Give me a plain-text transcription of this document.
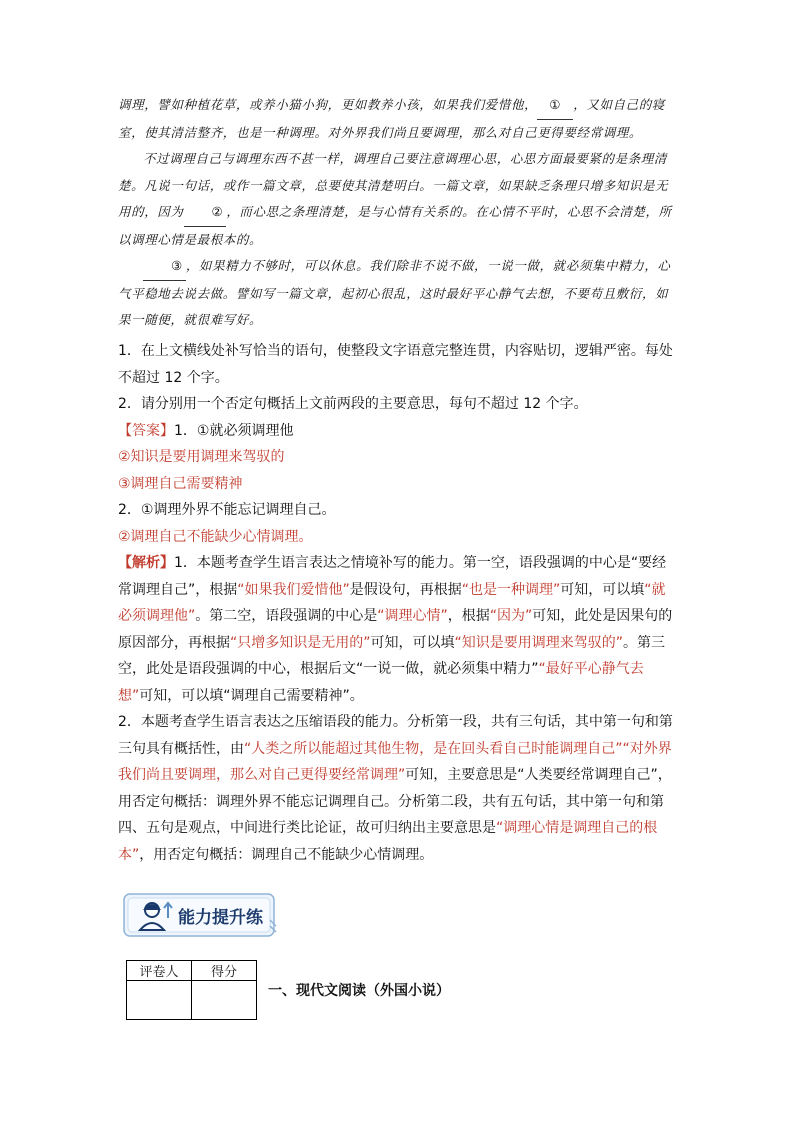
调理，譬如种植花草，或养小猫小狗，更如教养小孩，如果我们爱惜他， ① ，又如自己的寝室，使其清洁整齐，也是一种调理。对外界我们尚且要调理，那么对自己更得要经常调理。

不过调理自己与调理东西不甚一样，调理自己要注意调理心思，心思方面最要紧的是条理清楚。凡说一句话，或作一篇文章，总要使其清楚明白。一篇文章，如果缺乏条理只增多知识是无用的，因为 ② ，而心思之条理清楚，是与心情有关系的。在心情不平时，心思不会清楚，所以调理心情是最根本的。

③ ，如果精力不够时，可以休息。我们除非不说不做，一说一做，就必须集中精力，心气平稳地去说去做。譬如写一篇文章，起初心很乱，这时最好平心静气去想，不要苟且敷衍，如果一随便，就很难写好。

1．在上文横线处补写恰当的语句，使整段文字语意完整连贯，内容贴切，逻辑严密。每处不超过 12 个字。

2．请分别用一个否定句概括上文前两段的主要意思，每句不超过 12 个字。

【答案】1．①就必须调理他

②知识是要用调理来驾驭的

③调理自己需要精神

2．①调理外界不能忘记调理自己。

②调理自己不能缺少心情调理。

【解析】1．本题考查学生语言表达之情境补写的能力。第一空，语段强调的中心是“要经常调理自己”，根据“如果我们爱惜他”是假设句，再根据“也是一种调理”可知，可以填“就必须调理他”。第二空，语段强调的中心是“调理心情”，根据“因为”可知，此处是因果句的原因部分，再根据“只增多知识是无用的”可知，可以填“知识是要用调理来驾驭的”。第三空，此处是语段强调的中心，根据后文“一说一做，就必须集中精力”“最好平心静气去想”可知，可以填“调理自己需要精神”。

2．本题考查学生语言表达之压缩语段的能力。分析第一段，共有三句话，其中第一句和第三句具有概括性，由“人类之所以能超过其他生物，是在回头看自己时能调理自己”“对外界我们尚且要调理，那么对自己更得要经常调理”可知，主要意思是“人类要经常调理自己”，用否定句概括：调理外界不能忘记调理自己。分析第二段，共有五句话，其中第一句和第四、五句是观点，中间进行类比论证，故可归纳出主要意思是“调理心情是调理自己的根本”，用否定句概括：调理自己不能缺少心情调理。

能力提升练
评卷人	得分

一、现代文阅读（外国小说）
